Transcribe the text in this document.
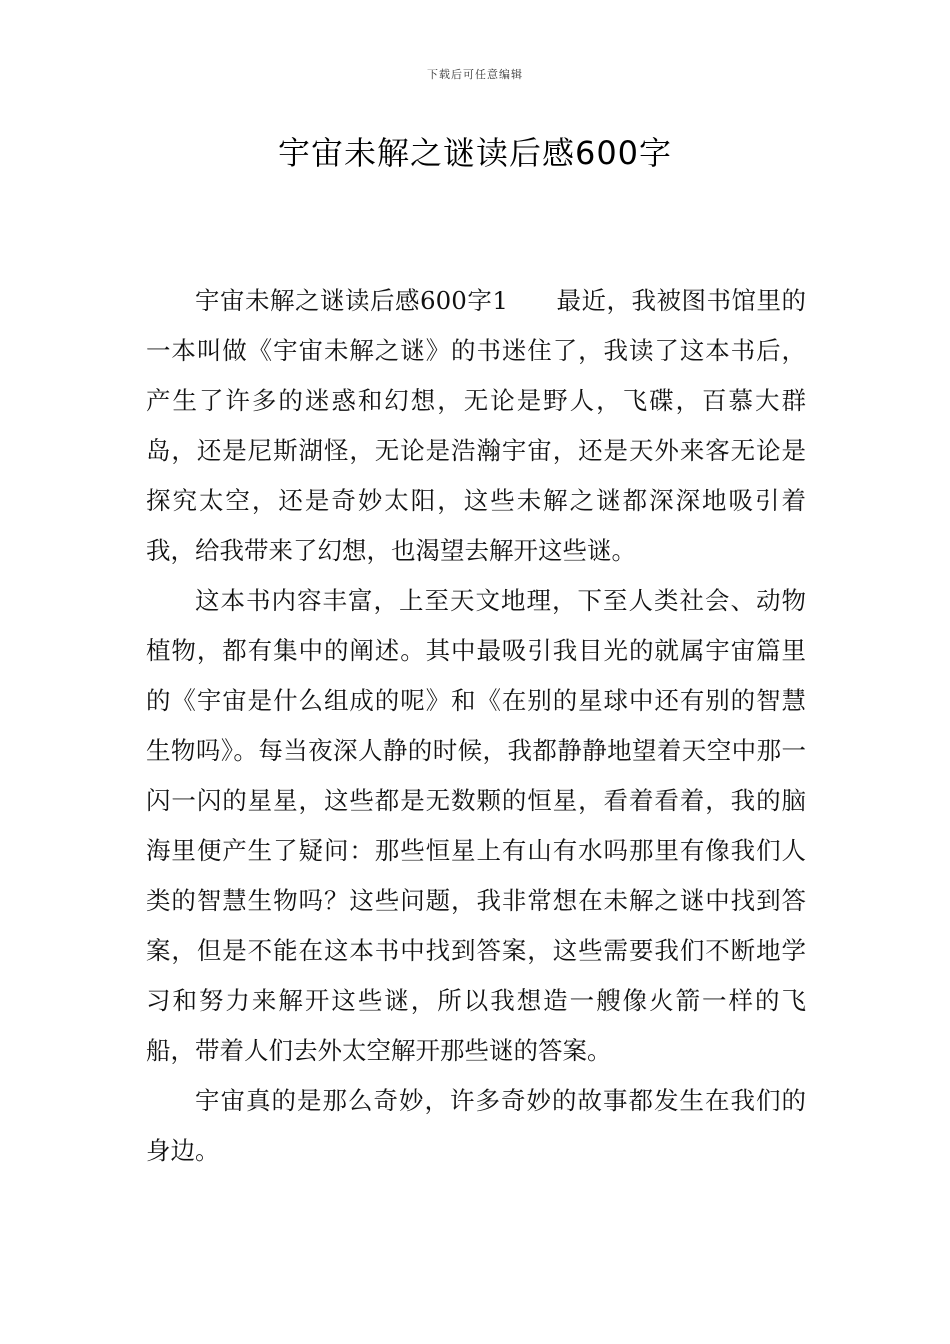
下载后可任意编辑
宇宙未解之谜读后感600字

宇宙未解之谜读后感600字1 最近，我被图书馆里的一本叫做《宇宙未解之谜》的书迷住了，我读了这本书后，产生了许多的迷惑和幻想，无论是野人，飞碟，百慕大群岛，还是尼斯湖怪，无论是浩瀚宇宙，还是天外来客无论是探究太空，还是奇妙太阳，这些未解之谜都深深地吸引着我，给我带来了幻想，也渴望去解开这些谜。

这本书内容丰富，上至天文地理，下至人类社会、动物植物，都有集中的阐述。其中最吸引我目光的就属宇宙篇里的《宇宙是什么组成的呢》和《在别的星球中还有别的智慧生物吗》。每当夜深人静的时候，我都静静地望着天空中那一闪一闪的星星，这些都是无数颗的恒星，看着看着，我的脑海里便产生了疑问：那些恒星上有山有水吗那里有像我们人类的智慧生物吗？这些问题，我非常想在未解之谜中找到答案，但是不能在这本书中找到答案，这些需要我们不断地学习和努力来解开这些谜，所以我想造一艘像火箭一样的飞船，带着人们去外太空解开那些谜的答案。

宇宙真的是那么奇妙，许多奇妙的故事都发生在我们的身边。
